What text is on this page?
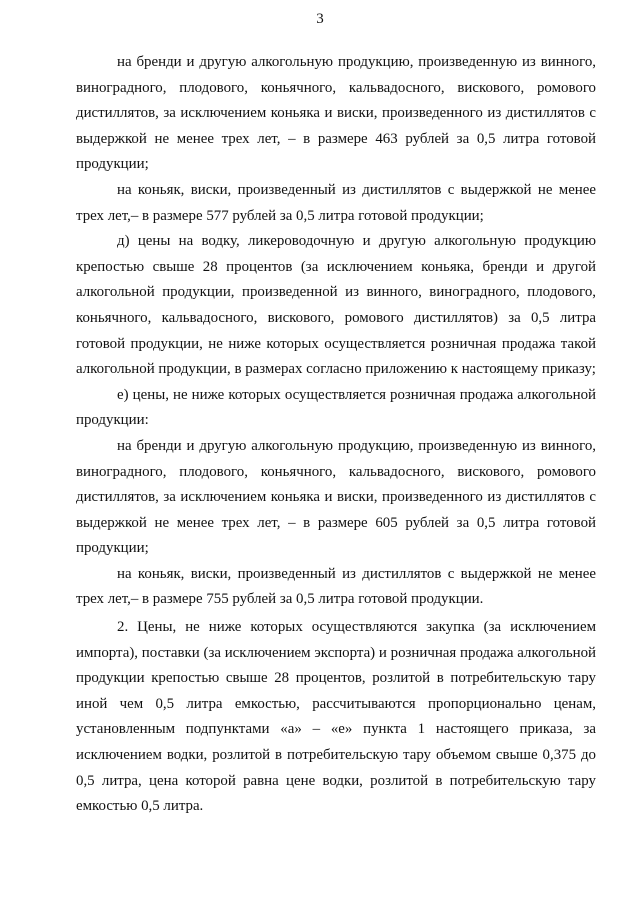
3

на бренди и другую алкогольную продукцию, произведенную из винного, виноградного, плодового, коньячного, кальвадосного, вискового, ромового дистиллятов, за исключением коньяка и виски, произведенного из дистиллятов с выдержкой не менее трех лет, – в размере 463 рублей за 0,5 литра готовой продукции;

на коньяк, виски, произведенный из дистиллятов с выдержкой не менее трех лет,– в размере 577 рублей за 0,5 литра готовой продукции;

д) цены на водку, ликероводочную и другую алкогольную продукцию крепостью свыше 28 процентов (за исключением коньяка, бренди и другой алкогольной продукции, произведенной из винного, виноградного, плодового, коньячного, кальвадосного, вискового, ромового дистиллятов) за 0,5 литра готовой продукции, не ниже которых осуществляется розничная продажа такой алкогольной продукции, в размерах согласно приложению к настоящему приказу;

е) цены, не ниже которых осуществляется розничная продажа алкогольной продукции:

на бренди и другую алкогольную продукцию, произведенную из винного, виноградного, плодового, коньячного, кальвадосного, вискового, ромового дистиллятов, за исключением коньяка и виски, произведенного из дистиллятов с выдержкой не менее трех лет, – в размере 605 рублей за 0,5 литра готовой продукции;

на коньяк, виски, произведенный из дистиллятов с выдержкой не менее трех лет,– в размере 755 рублей за 0,5 литра готовой продукции.

2. Цены, не ниже которых осуществляются закупка (за исключением импорта), поставки (за исключением экспорта) и розничная продажа алкогольной продукции крепостью свыше 28 процентов, розлитой в потребительскую тару иной чем 0,5 литра емкостью, рассчитываются пропорционально ценам, установленным подпунктами «а» – «е» пункта 1 настоящего приказа, за исключением водки, розлитой в потребительскую тару объемом свыше 0,375 до 0,5 литра, цена которой равна цене водки, розлитой в потребительскую тару емкостью 0,5 литра.
